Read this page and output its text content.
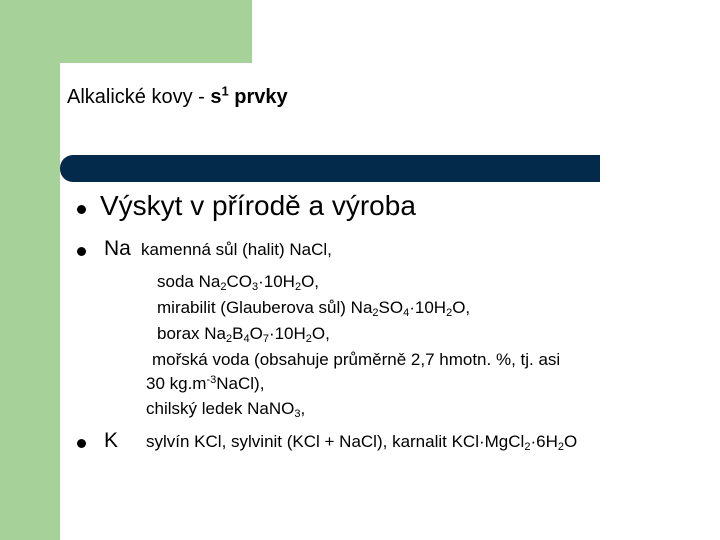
Alkalické kovy - $s^1$ prvky
Výskyt v přírodě a výroba
Na kamenná sůl (halit) NaCl,
soda $Na_2CO_3\cdot 10H_2O$,
mirabilit (Glauberova sůl) $Na_2SO_4\cdot 10H_2O$,
borax $Na_2B_4O_7\cdot 10H_2O$,
mořská voda (obsahuje průměrně 2,7 hmotn. %, tj. asi
30 $kg.m^{-3}NaCl$),
chilský ledek NaNO$_3$,
K sylvín KCl, sylvinit (KCl + NaCl), karnalit $KCl\cdot MgCl_2\cdot 6H_2O$
